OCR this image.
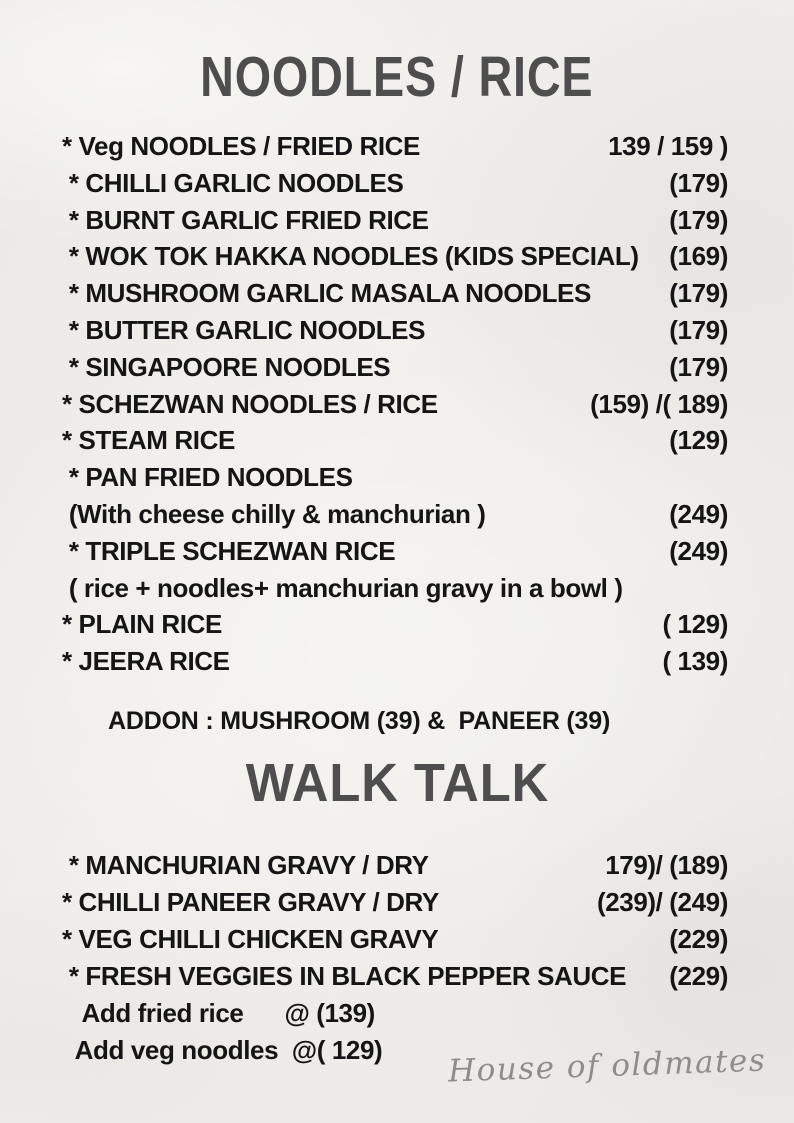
NOODLES / RICE
* Veg NOODLES / FRIED RICE	139 / 159 )
* CHILLI GARLIC NOODLES	(179)
* BURNT GARLIC FRIED RICE	(179)
* WOK TOK HAKKA NOODLES (KIDS SPECIAL) (169)
* MUSHROOM GARLIC MASALA NOODLES	(179)
* BUTTER GARLIC NOODLES	(179)
* SINGAPOORE NOODLES	(179)
* SCHEZWAN NOODLES / RICE	(159) /( 189)
* STEAM RICE	(129)
* PAN FRIED NOODLES
(With cheese chilly & manchurian )	(249)
* TRIPLE SCHEZWAN RICE	(249)
( rice + noodles+ manchurian gravy in a bowl )
* PLAIN RICE	( 129)
* JEERA RICE	( 139)
ADDON : MUSHROOM (39) &  PANEER (39)
WALK TALK
* MANCHURIAN GRAVY / DRY	179)/ (189)
* CHILLI PANEER GRAVY / DRY	(239)/ (249)
* VEG CHILLI CHICKEN GRAVY	(229)
* FRESH VEGGIES IN BLACK PEPPER SAUCE (229)
Add fried rice      @ (139)
Add veg noodles  @( 129) House of oldmates
